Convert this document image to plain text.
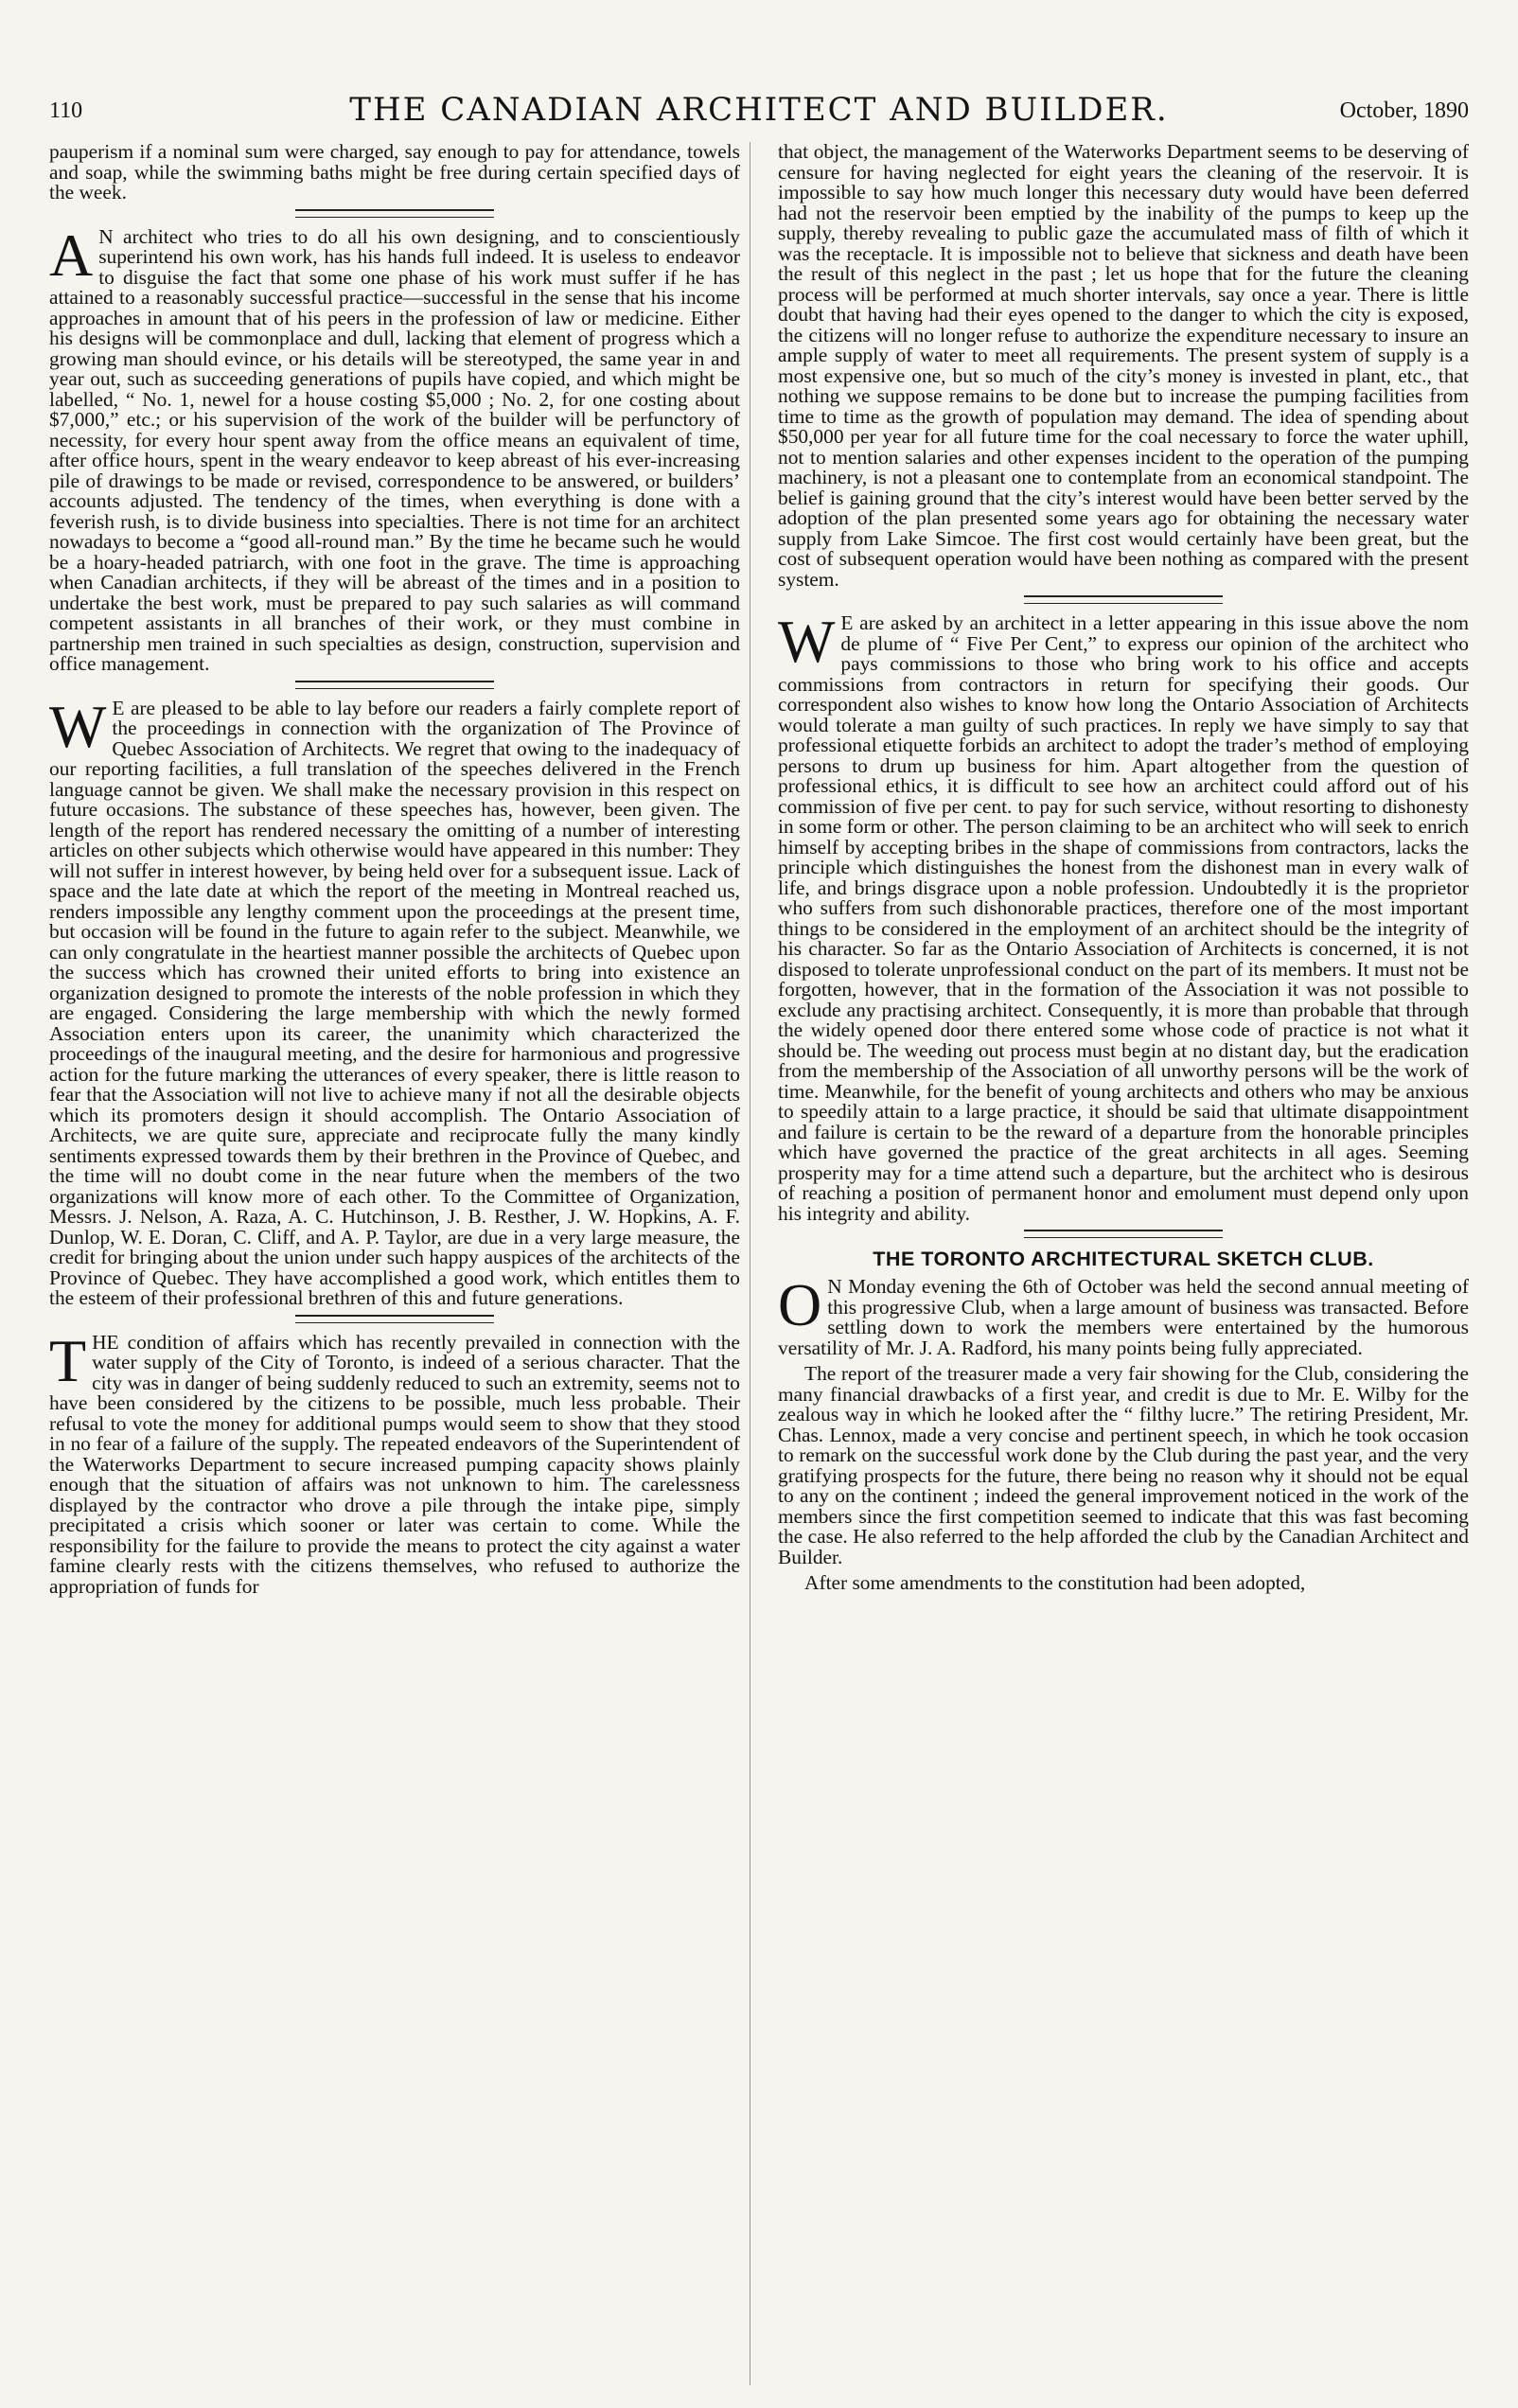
110	THE CANADIAN ARCHITECT AND BUILDER.	October, 1890

pauperism if a nominal sum were charged, say enough to pay for attendance, towels and soap, while the swimming baths might be free during certain specified days of the week.

A N architect who tries to do all his own designing, and to conscientiously superintend his own work, has his hands full indeed. It is useless to endeavor to disguise the fact that some one phase of his work must suffer if he has attained to a reasonably successful practice—successful in the sense that his income approaches in amount that of his peers in the profession of law or medicine. Either his designs will be commonplace and dull, lacking that element of progress which a growing man should evince, or his details will be stereotyped, the same year in and year out, such as succeeding generations of pupils have copied, and which might be labelled, “ No. 1, newel for a house costing $5,000 ; No. 2, for one costing about $7,000,” etc.; or his supervision of the work of the builder will be perfunctory of necessity, for every hour spent away from the office means an equivalent of time, after office hours, spent in the weary endeavor to keep abreast of his ever-increasing pile of drawings to be made or revised, correspondence to be answered, or builders’ accounts adjusted. The tendency of the times, when everything is done with a feverish rush, is to divide business into specialties. There is not time for an architect nowadays to become a “good all-round man.” By the time he became such he would be a hoary-headed patriarch, with one foot in the grave. The time is approaching when Canadian architects, if they will be abreast of the times and in a position to undertake the best work, must be prepared to pay such salaries as will command competent assistants in all branches of their work, or they must combine in partnership men trained in such specialties as design, construction, supervision and office management.

W E are pleased to be able to lay before our readers a fairly complete report of the proceedings in connection with the organization of The Province of Quebec Association of Architects. We regret that owing to the inadequacy of our reporting facilities, a full translation of the speeches delivered in the French language cannot be given. We shall make the necessary provision in this respect on future occasions. The substance of these speeches has, however, been given. The length of the report has rendered necessary the omitting of a number of interesting articles on other subjects which otherwise would have appeared in this number: They will not suffer in interest however, by being held over for a subsequent issue. Lack of space and the late date at which the report of the meeting in Montreal reached us, renders impossible any lengthy comment upon the proceedings at the present time, but occasion will be found in the future to again refer to the subject. Meanwhile, we can only congratulate in the heartiest manner possible the architects of Quebec upon the success which has crowned their united efforts to bring into existence an organization designed to promote the interests of the noble profession in which they are engaged. Considering the large membership with which the newly formed Association enters upon its career, the unanimity which characterized the proceedings of the inaugural meeting, and the desire for harmonious and progressive action for the future marking the utterances of every speaker, there is little reason to fear that the Association will not live to achieve many if not all the desirable objects which its promoters design it should accomplish. The Ontario Association of Architects, we are quite sure, appreciate and reciprocate fully the many kindly sentiments expressed towards them by their brethren in the Province of Quebec, and the time will no doubt come in the near future when the members of the two organizations will know more of each other. To the Committee of Organization, Messrs. J. Nelson, A. Raza, A. C. Hutchinson, J. B. Resther, J. W. Hopkins, A. F. Dunlop, W. E. Doran, C. Cliff, and A. P. Taylor, are due in a very large measure, the credit for bringing about the union under such happy auspices of the architects of the Province of Quebec. They have accomplished a good work, which entitles them to the esteem of their professional brethren of this and future generations.

THE condition of affairs which has recently prevailed in connection with the water supply of the City of Toronto, is indeed of a serious character. That the city was in danger of being suddenly reduced to such an extremity, seems not to have been considered by the citizens to be possible, much less probable. Their refusal to vote the money for additional pumps would seem to show that they stood in no fear of a failure of the supply. The repeated endeavors of the Superintendent of the Waterworks Department to secure increased pumping capacity shows plainly enough that the situation of affairs was not unknown to him. The carelessness displayed by the contractor who drove a pile through the intake pipe, simply precipitated a crisis which sooner or later was certain to come. While the responsibility for the failure to provide the means to protect the city against a water famine clearly rests with the citizens themselves, who refused to authorize the appropriation of funds for

that object, the management of the Waterworks Department seems to be deserving of censure for having neglected for eight years the cleaning of the reservoir. It is impossible to say how much longer this necessary duty would have been deferred had not the reservoir been emptied by the inability of the pumps to keep up the supply, thereby revealing to public gaze the accumulated mass of filth of which it was the receptacle. It is impossible not to believe that sickness and death have been the result of this neglect in the past ; let us hope that for the future the cleaning process will be performed at much shorter intervals, say once a year. There is little doubt that having had their eyes opened to the danger to which the city is exposed, the citizens will no longer refuse to authorize the expenditure necessary to insure an ample supply of water to meet all requirements. The present system of supply is a most expensive one, but so much of the city’s money is invested in plant, etc., that nothing we suppose remains to be done but to increase the pumping facilities from time to time as the growth of population may demand. The idea of spending about $50,000 per year for all future time for the coal necessary to force the water uphill, not to mention salaries and other expenses incident to the operation of the pumping machinery, is not a pleasant one to contemplate from an economical standpoint. The belief is gaining ground that the city’s interest would have been better served by the adoption of the plan presented some years ago for obtaining the necessary water supply from Lake Simcoe. The first cost would certainly have been great, but the cost of subsequent operation would have been nothing as compared with the present system.

W E are asked by an architect in a letter appearing in this issue above the nom de plume of “ Five Per Cent,” to express our opinion of the architect who pays commissions to those who bring work to his office and accepts commissions from contractors in return for specifying their goods. Our correspondent also wishes to know how long the Ontario Association of Architects would tolerate a man guilty of such practices. In reply we have simply to say that professional etiquette forbids an architect to adopt the trader’s method of employing persons to drum up business for him. Apart altogether from the question of professional ethics, it is difficult to see how an architect could afford out of his commission of five per cent. to pay for such service, without resorting to dishonesty in some form or other. The person claiming to be an architect who will seek to enrich himself by accepting bribes in the shape of commissions from contractors, lacks the principle which distinguishes the honest from the dishonest man in every walk of life, and brings disgrace upon a noble profession. Undoubtedly it is the proprietor who suffers from such dishonorable practices, therefore one of the most important things to be considered in the employment of an architect should be the integrity of his character. So far as the Ontario Association of Architects is concerned, it is not disposed to tolerate unprofessional conduct on the part of its members. It must not be forgotten, however, that in the formation of the Association it was not possible to exclude any practising architect. Consequently, it is more than probable that through the widely opened door there entered some whose code of practice is not what it should be. The weeding out process must begin at no distant day, but the eradication from the membership of the Association of all unworthy persons will be the work of time. Meanwhile, for the benefit of young architects and others who may be anxious to speedily attain to a large practice, it should be said that ultimate disappointment and failure is certain to be the reward of a departure from the honorable principles which have governed the practice of the great architects in all ages. Seeming prosperity may for a time attend such a departure, but the architect who is desirous of reaching a position of permanent honor and emolument must depend only upon his integrity and ability.

THE TORONTO ARCHITECTURAL SKETCH CLUB.

O N Monday evening the 6th of October was held the second annual meeting of this progressive Club, when a large amount of business was transacted. Before settling down to work the members were entertained by the humorous versatility of Mr. J. A. Radford, his many points being fully appreciated.

The report of the treasurer made a very fair showing for the Club, considering the many financial drawbacks of a first year, and credit is due to Mr. E. Wilby for the zealous way in which he looked after the “ filthy lucre.” The retiring President, Mr. Chas. Lennox, made a very concise and pertinent speech, in which he took occasion to remark on the successful work done by the Club during the past year, and the very gratifying prospects for the future, there being no reason why it should not be equal to any on the continent ; indeed the general improvement noticed in the work of the members since the first competition seemed to indicate that this was fast becoming the case. He also referred to the help afforded the club by the Canadian Architect and Builder.

After some amendments to the constitution had been adopted,
